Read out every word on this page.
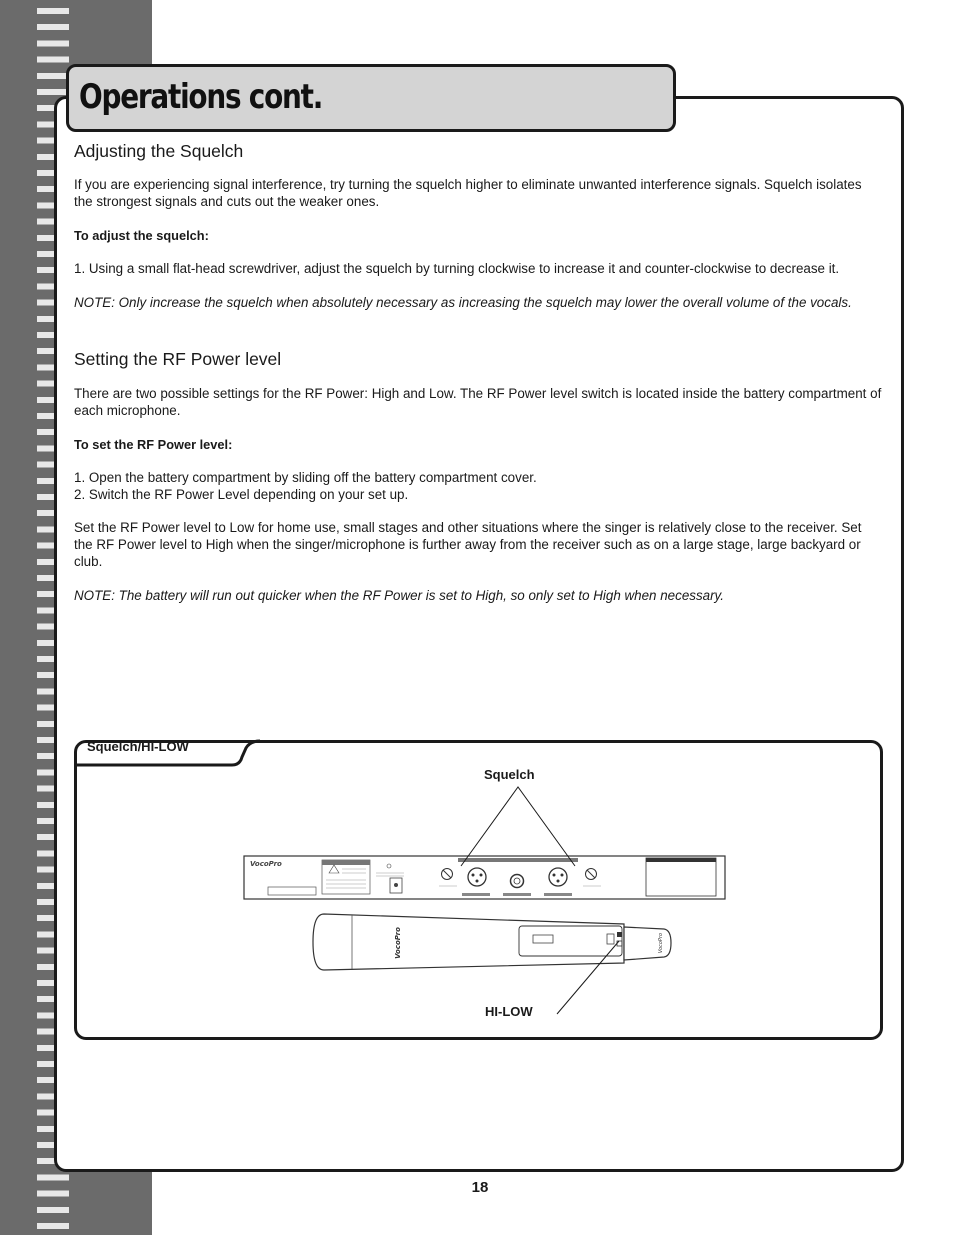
Operations cont.
Adjusting the Squelch

If you are experiencing signal interference, try turning the squelch higher to eliminate unwanted interference signals. Squelch isolates the strongest signals and cuts out the weaker ones.

To adjust the squelch:

1. Using a small flat-head screwdriver, adjust the squelch by turning clockwise to increase it and counter-clockwise to decrease it.

NOTE: Only increase the squelch when absolutely necessary as increasing the squelch may lower the overall volume of the vocals.

Setting the RF Power level

There are two possible settings for the RF Power: High and Low. The RF Power level switch is located inside the battery compartment of each microphone.

To set the RF Power level:

1. Open the battery compartment by sliding off the battery compartment cover.

2. Switch the RF Power Level depending on your set up.

Set the RF Power level to Low for home use, small stages and other situations where the singer is relatively close to the receiver. Set the RF Power level to High when the singer/microphone is further away from the receiver such as on a large stage, large backyard or club.

NOTE: The battery will run out quicker when the RF Power is set to High, so only set to High when necessary.

VocoPro
VocoPro	VocoPro
Squelch/HI-LOW
Squelch
HI-LOW
18
